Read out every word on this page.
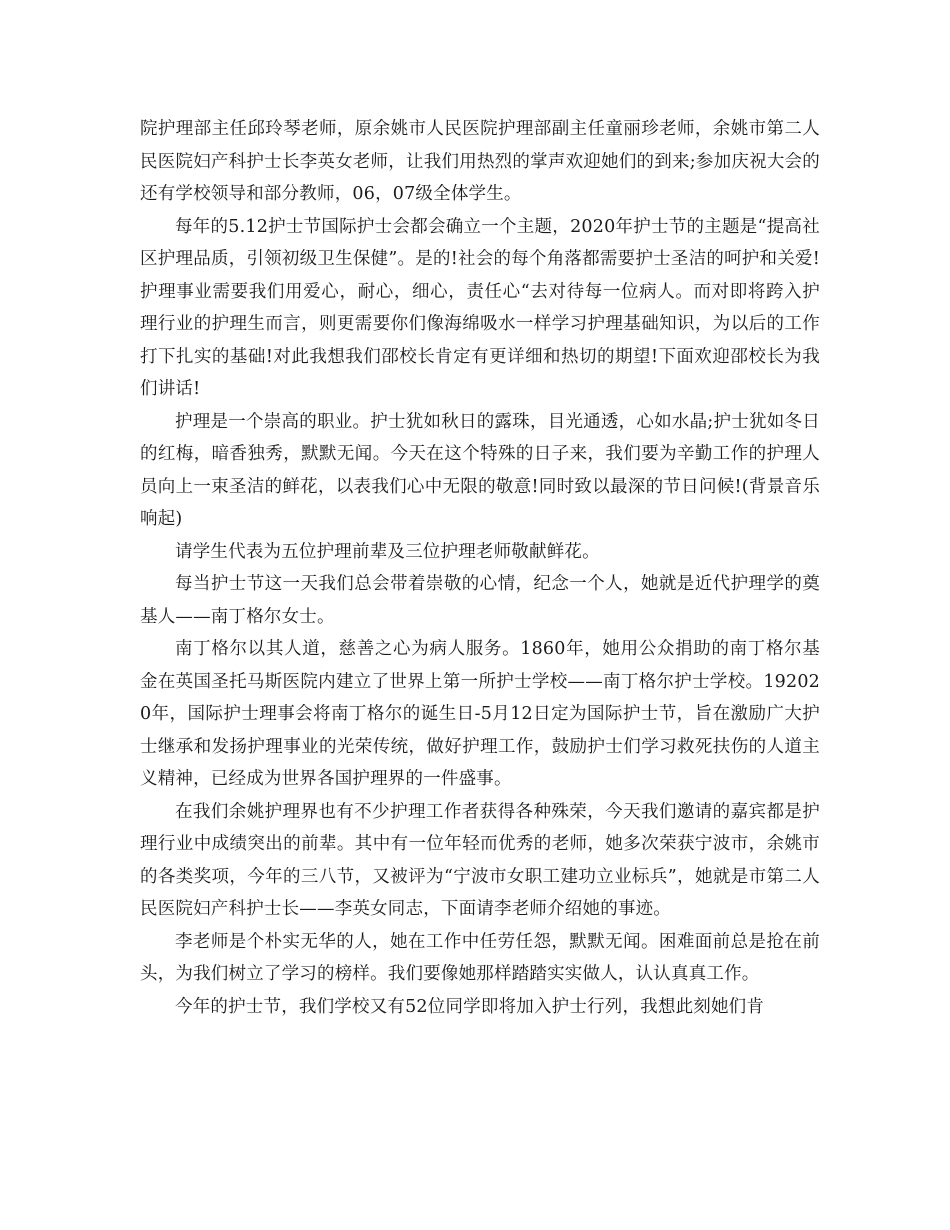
院护理部主任邱玲琴老师，原余姚市人民医院护理部副主任童丽珍老师，余姚市第二人民医院妇产科护士长李英女老师，让我们用热烈的掌声欢迎她们的到来;参加庆祝大会的还有学校领导和部分教师，06，07级全体学生。

每年的5.12护士节国际护士会都会确立一个主题，2020年护士节的主题是“提高社区护理品质，引领初级卫生保健”。是的!社会的每个角落都需要护士圣洁的呵护和关爱!护理事业需要我们用爱心，耐心，细心，责任心“去对待每一位病人。而对即将跨入护理行业的护理生而言，则更需要你们像海绵吸水一样学习护理基础知识，为以后的工作打下扎实的基础!对此我想我们邵校长肯定有更详细和热切的期望!下面欢迎邵校长为我们讲话!

护理是一个崇高的职业。护士犹如秋日的露珠，目光通透，心如水晶;护士犹如冬日的红梅，暗香独秀，默默无闻。今天在这个特殊的日子来，我们要为辛勤工作的护理人员向上一束圣洁的鲜花，以表我们心中无限的敬意!同时致以最深的节日问候!(背景音乐响起)

请学生代表为五位护理前辈及三位护理老师敬献鲜花。

每当护士节这一天我们总会带着崇敬的心情，纪念一个人，她就是近代护理学的奠基人——南丁格尔女士。

南丁格尔以其人道，慈善之心为病人服务。1860年，她用公众捐助的南丁格尔基金在英国圣托马斯医院内建立了世界上第一所护士学校——南丁格尔护士学校。192020年，国际护士理事会将南丁格尔的诞生日-5月12日定为国际护士节，旨在激励广大护士继承和发扬护理事业的光荣传统，做好护理工作，鼓励护士们学习救死扶伤的人道主义精神，已经成为世界各国护理界的一件盛事。

在我们余姚护理界也有不少护理工作者获得各种殊荣，今天我们邀请的嘉宾都是护理行业中成绩突出的前辈。其中有一位年轻而优秀的老师，她多次荣获宁波市，余姚市的各类奖项，今年的三八节，又被评为“宁波市女职工建功立业标兵”，她就是市第二人民医院妇产科护士长——李英女同志，下面请李老师介绍她的事迹。

李老师是个朴实无华的人，她在工作中任劳任怨，默默无闻。困难面前总是抢在前头，为我们树立了学习的榜样。我们要像她那样踏踏实实做人，认认真真工作。

今年的护士节，我们学校又有52位同学即将加入护士行列，我想此刻她们肯
